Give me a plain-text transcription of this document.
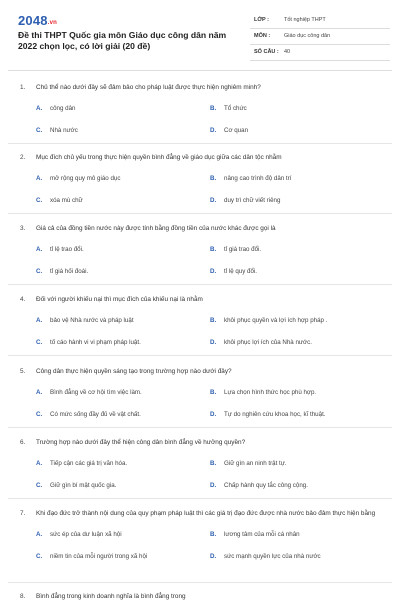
2048.vn
Đề thi THPT Quốc gia môn Giáo dục công dân năm 2022 chọn lọc, có lời giải (20 đề)
LỚP :	Tốt nghiệp THPT
MÔN :	Giáo dục công dân
SỐ CÂU : 40
1. Chủ thể nào dưới đây sẽ đảm bảo cho pháp luật được thực hiện nghiêm minh?
A. công dân	B. Tổ chức
C. Nhà nước	D. Cơ quan
2. Mục đích chủ yếu trong thực hiện quyền bình đẳng về giáo dục giữa các dân tộc nhằm
A. mở rộng quy mô giáo dục	B. nâng cao trình độ dân trí
C. xóa mù chữ	D. duy trì chữ viết riêng
3. Giá cả của đồng tiền nước này được tính bằng đồng tiền của nước khác được gọi là
A. tỉ lệ trao đổi.	B. tỉ giá trao đổi.
C. tỉ giá hối đoái.	D. tỉ lệ quy đổi.
4. Đối với người khiếu nại thì mục đích của khiếu nại là nhằm
A. bảo vệ Nhà nước và pháp luật	B. khôi phục quyền và lợi ích hợp pháp .
C. tố cáo hành vi vi phạm pháp luật.	D. khôi phục lợi ích của Nhà nước.
5. Công dân thực hiện quyền sáng tạo trong trường hợp nào dưới đây?
A. Bình đẳng về cơ hội tìm việc làm.	B. Lựa chọn hình thức học phù hợp.
C. Có mức sống đầy đủ về vật chất.	D. Tự do nghiên cứu khoa học, kĩ thuật.
6. Trường hợp nào dưới đây thể hiện công dân bình đẳng về hưởng quyền?
A. Tiếp cận các giá trị văn hóa.	B. Giữ gìn an ninh trật tự.
C. Giữ gìn bí mật quốc gia.	D. Chấp hành quy tắc công cộng.
7. Khi đạo đức trở thành nội dung của quy phạm pháp luật thì các giá trị đạo đức được nhà nước bảo đảm thực hiện bằng
A. sức ép của dư luận xã hội	B. lương tâm của mỗi cá nhân
C. niềm tin của mỗi người trong xã hội	D. sức mạnh quyền lực của nhà nước
8. Bình đẳng trong kinh doanh nghĩa là bình đẳng trong
